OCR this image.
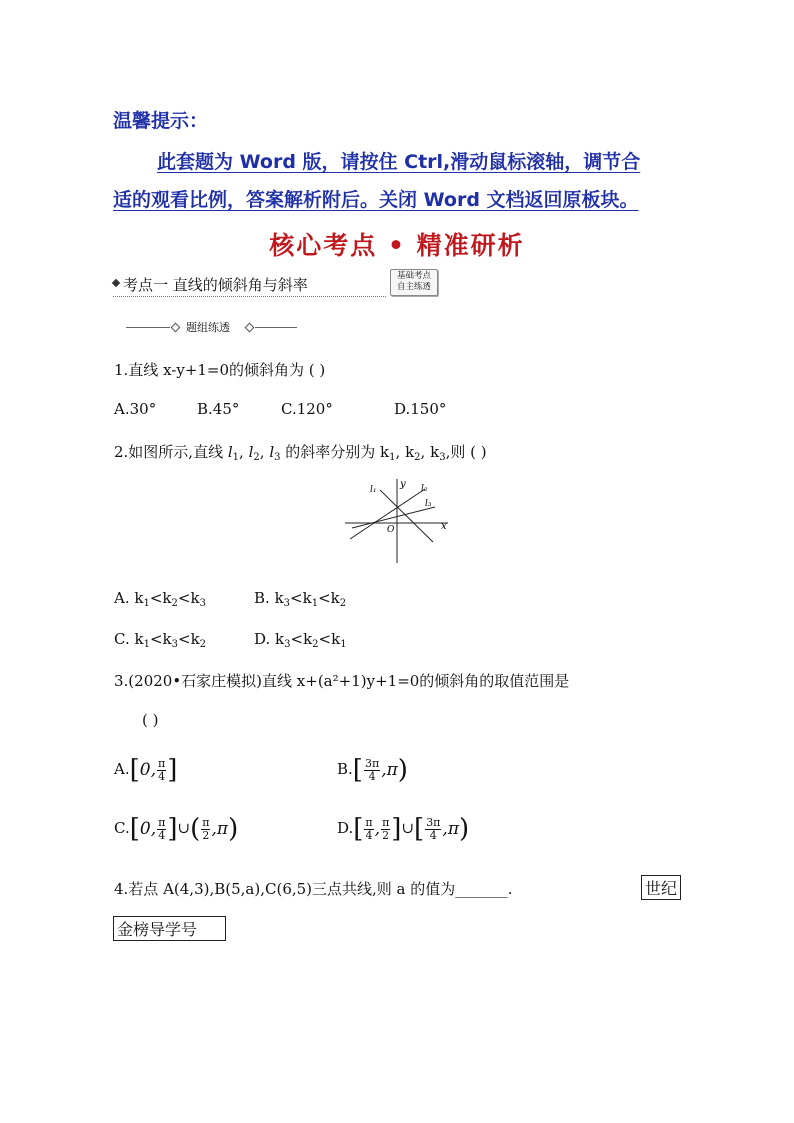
温馨提示：
此套题为 Word 版，请按住 Ctrl,滑动鼠标滚轴，调节合
适的观看比例，答案解析附后。关闭 Word 文档返回原板块。
核心考点 • 精准研析
考点一 直线的倾斜角与斜率	基础考点
自主练透
题组练透
1.直线 x-y+1=0的倾斜角为 ( )
A.30°	B.45°	C.120°	D.150°
2.如图所示,直线 $l_1$, $l_2$, $l_3$ 的斜率分别为 $k_1$, $k_2$, $k_3$,则 ( )
y
x
O
l₁	l₂
l₃
A. $k_1<k_2<k_3$	B. $k_3<k_1<k_2$
C. $k_1<k_3<k_2$	D. $k_3<k_2<k_1$
3.(2020•石家庄模拟)直线 x+(a²+1)y+1=0的倾斜角的取值范围是
( )
A.[0, $\frac{\pi}{4}$ ]	$B.[ \frac{3\pi}{4} ,\pi)$
C.[0, $\frac{\pi}{4}$ ]∪( $\frac{\pi}{2} ,\pi$)	$D.[ \frac{\pi}{4}$ , $\frac{\pi}{2}$ ]∪[ $\frac{3\pi}{4} ,\pi$)
4.若点 A(4,3),B(5,a),C(6,5)三点共线,则 a 的值为_______.	世纪
金榜导学号
